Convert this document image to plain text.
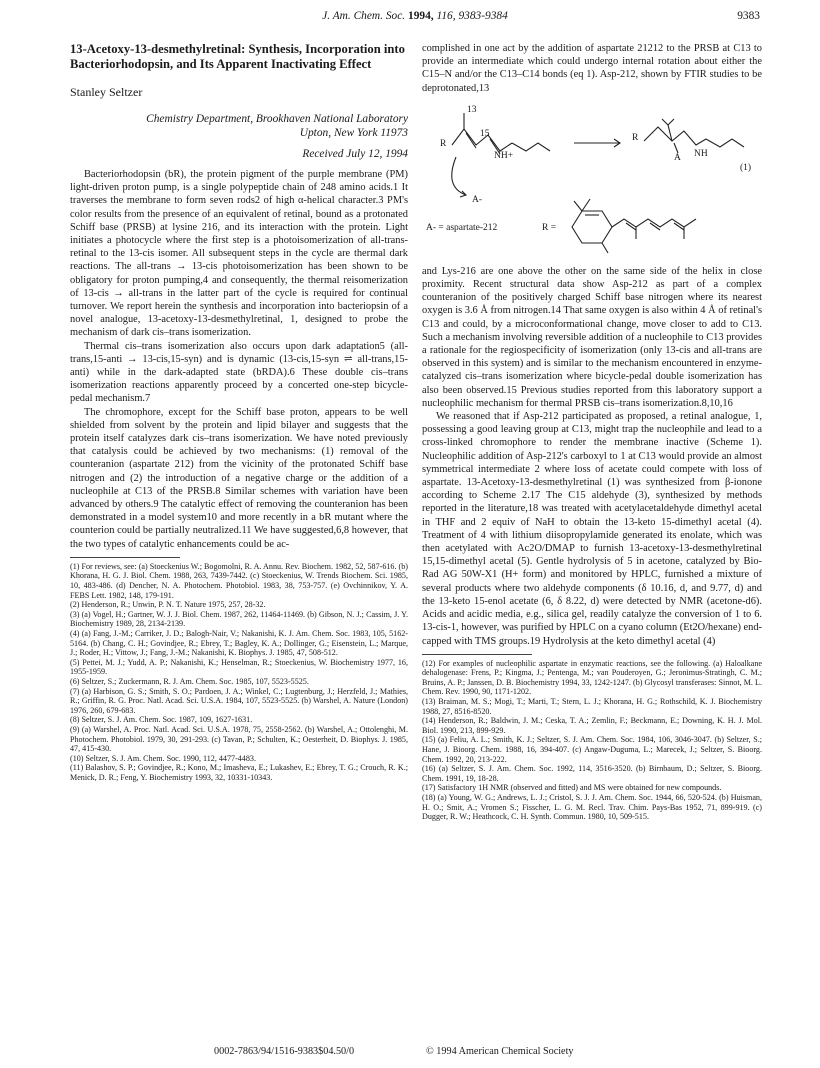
J. Am. Chem. Soc. 1994, 116, 9383-9384	9383
13-Acetoxy-13-desmethylretinal: Synthesis, Incorporation into Bacteriorhodopsin, and Its Apparent Inactivating Effect
Stanley Seltzer
Chemistry Department, Brookhaven National Laboratory
Upton, New York 11973
Received July 12, 1994

Bacteriorhodopsin (bR), the protein pigment of the purple membrane (PM) light-driven proton pump, is a single polypeptide chain of 248 amino acids.1 It traverses the membrane to form seven rods2 of high α-helical character.3 PM's color results from the presence of an equivalent of retinal, bound as a protonated Schiff base (PRSB) at lysine 216, and its interaction with the protein. Light initiates a photocycle where the first step is a photoisomerization of all-trans-retinal to the 13-cis isomer. All subsequent steps in the cycle are thermal dark reactions. The all-trans → 13-cis photoisomerization has been shown to be obligatory for proton pumping,4 and consequently, the thermal reisomerization of 13-cis → all-trans in the latter part of the cycle is required for continual turnover. We report herein the synthesis and incorporation into bacteriopsin of a novel analogue, 13-acetoxy-13-desmethylretinal, 1, designed to probe the mechanism of dark cis–trans isomerization.

Thermal cis–trans isomerization also occurs upon dark adaptation5 (all-trans,15-anti → 13-cis,15-syn) and is dynamic (13-cis,15-syn ⇌ all-trans,15-anti) while in the dark-adapted state (bRDA).6 These double cis–trans isomerization reactions apparently proceed by a concerted one-step bicycle-pedal mechanism.7

The chromophore, except for the Schiff base proton, appears to be well shielded from solvent by the protein and lipid bilayer and suggests that the protein itself catalyzes dark cis–trans isomerization. We have noted previously that catalysis could be achieved by two mechanisms: (1) removal of the counteranion (aspartate 212) from the vicinity of the protonated Schiff base nitrogen and (2) the introduction of a negative charge or the addition of a nucleophile at C13 of the PRSB.8 Similar schemes with variation have been advanced by others.9 The catalytic effect of removing the counteranion has been demonstrated in a model system10 and more recently in a bR mutant where the counterion could be partially neutralized.11 We have suggested,6,8 however, that the two types of catalytic enhancements could be ac-

(1) For reviews, see: (a) Stoeckenius W.; Bogomolni, R. A. Annu. Rev. Biochem. 1982, 52, 587-616. (b) Khorana, H. G. J. Biol. Chem. 1988, 263, 7439-7442. (c) Stoeckenius, W. Trends Biochem. Sci. 1985, 10, 483-486. (d) Dencher, N. A. Photochem. Photobiol. 1983, 38, 753-757. (e) Ovchinnikov, Y. A. FEBS Lett. 1982, 148, 179-191.

(2) Henderson, R.; Unwin, P. N. T. Nature 1975, 257, 28-32.

(3) (a) Vogel, H.; Gartner, W. J. J. Biol. Chem. 1987, 262, 11464-11469. (b) Gibson, N. J.; Cassim, J. Y. Biochemistry 1989, 28, 2134-2139.

(4) (a) Fang, J.-M.; Carriker, J. D.; Balogh-Nair, V.; Nakanishi, K. J. Am. Chem. Soc. 1983, 105, 5162-5164. (b) Chang, C. H.; Govindjee, R.; Ebrey, T.; Bagley, K. A.; Dollinger, G.; Eisenstein, L.; Marque, J.; Roder, H.; Vittow, J.; Fang, J.-M.; Nakanishi, K. Biophys. J. 1985, 47, 508-512.

(5) Pettei, M. J.; Yudd, A. P.; Nakanishi, K.; Henselman, R.; Stoeckenius, W. Biochemistry 1977, 16, 1955-1959.

(6) Seltzer, S.; Zuckermann, R. J. Am. Chem. Soc. 1985, 107, 5523-5525.

(7) (a) Harbison, G. S.; Smith, S. O.; Pardoen, J. A.; Winkel, C.; Lugtenburg, J.; Herzfeld, J.; Mathies, R.; Griffin, R. G. Proc. Natl. Acad. Sci. U.S.A. 1984, 107, 5523-5525. (b) Warshel, A. Nature (London) 1976, 260, 679-683.

(8) Seltzer, S. J. Am. Chem. Soc. 1987, 109, 1627-1631.

(9) (a) Warshel, A. Proc. Natl. Acad. Sci. U.S.A. 1978, 75, 2558-2562. (b) Warshel, A.; Ottolenghi, M. Photochem. Photobiol. 1979, 30, 291-293. (c) Tavan, P.; Schulten, K.; Oesterheit, D. Biophys. J. 1985, 47, 415-430.

(10) Seltzer, S. J. Am. Chem. Soc. 1990, 112, 4477-4483.

(11) Balashov, S. P.; Govindjee, R.; Kono, M.; Imasheva, E.; Lukashev, E.; Ebrey, T. G.; Crouch, R. K.; Menick, D. R.; Feng, Y. Biochemistry 1993, 32, 10331-10343.

complished in one act by the addition of aspartate 21212 to the PRSB at C13 to provide an intermediate which could undergo internal rotation about either the C15–N and/or the C13–C14 bonds (eq 1). Asp-212, shown by FTIR studies to be deprotonated,13

13
15
R
NH+
A-
R
A NH
(1)
A- = aspartate-212	R =

and Lys-216 are one above the other on the same side of the helix in close proximity. Recent structural data show Asp-212 as part of a complex counteranion of the positively charged Schiff base nitrogen where its nearest oxygen is 3.6 Å from nitrogen.14 That same oxygen is also within 4 Å of retinal's C13 and could, by a microconformational change, move closer to add to C13. Such a mechanism involving reversible addition of a nucleophile to C13 provides a rationale for the regiospecificity of isomerization (only 13-cis and all-trans are observed in this system) and is similar to the mechanism encountered in enzyme-catalyzed cis–trans isomerization where bicycle-pedal double isomerization has also been observed.15 Previous studies reported from this laboratory support a nucleophilic mechanism for thermal PRSB cis–trans isomerization.8,10,16

We reasoned that if Asp-212 participated as proposed, a retinal analogue, 1, possessing a good leaving group at C13, might trap the nucleophile and lead to a cross-linked chromophore to render the membrane inactive (Scheme 1). Nucleophilic addition of Asp-212's carboxyl to 1 at C13 would provide an almost symmetrical intermediate 2 where loss of acetate could compete with loss of aspartate. 13-Acetoxy-13-desmethylretinal (1) was synthesized from β-ionone according to Scheme 2.17 The C15 aldehyde (3), synthesized by methods reported in the literature,18 was treated with acetylacetaldehyde dimethyl acetal in THF and 2 equiv of NaH to obtain the 13-keto 15-dimethyl acetal (4). Treatment of 4 with lithium diisopropylamide generated its enolate, which was then acetylated with Ac2O/DMAP to furnish 13-acetoxy-13-desmethylretinal 15,15-dimethyl acetal (5). Gentle hydrolysis of 5 in acetone, catalyzed by Bio-Rad AG 50W-X1 (H+ form) and monitored by HPLC, furnished a mixture of several products where two aldehyde components (δ 10.16, d, and 9.77, d) and the 13-keto 15-enol acetate (6, δ 8.22, d) were detected by NMR (acetone-d6). Acids and acidic media, e.g., silica gel, readily catalyze the conversion of 1 to 6. 13-cis-1, however, was purified by HPLC on a cyano column (Et2O/hexane) end-capped with TMS groups.19 Hydrolysis at the keto dimethyl acetal (4)

(12) For examples of nucleophilic aspartate in enzymatic reactions, see the following. (a) Haloalkane dehalogenase: Frens, P.; Kingma, J.; Pentenga, M.; van Pouderoyen, G.; Jeronimus-Stratingh, C. M.; Bruins, A. P.; Janssen, D. B. Biochemistry 1994, 33, 1242-1247. (b) Glycosyl transferases: Sinnot, M. L. Chem. Rev. 1990, 90, 1171-1202.

(13) Braiman, M. S.; Mogi, T.; Marti, T.; Stern, L. J.; Khorana, H. G.; Rothschild, K. J. Biochemistry 1988, 27, 8516-8520.

(14) Henderson, R.; Baldwin, J. M.; Ceska, T. A.; Zemlin, F.; Beckmann, E.; Downing, K. H. J. Mol. Biol. 1990, 213, 899-929.

(15) (a) Feliu, A. L.; Smith, K. J.; Seltzer, S. J. Am. Chem. Soc. 1984, 106, 3046-3047. (b) Seltzer, S.; Hane, J. Bioorg. Chem. 1988, 16, 394-407. (c) Angaw-Duguma, L.; Marecek, J.; Seltzer, S. Bioorg. Chem. 1992, 20, 213-222.

(16) (a) Seltzer, S. J. Am. Chem. Soc. 1992, 114, 3516-3520. (b) Birnbaum, D.; Seltzer, S. Bioorg. Chem. 1991, 19, 18-28.

(17) Satisfactory 1H NMR (observed and fitted) and MS were obtained for new compounds.

(18) (a) Young, W. G.; Andrews, L. J.; Cristol, S. J. J. Am. Chem. Soc. 1944, 66, 520-524. (b) Huisman, H. O.; Smit, A.; Vromen S.; Fisscher, L. G. M. Recl. Trav. Chim. Pays-Bas 1952, 71, 899-919. (c) Dugger, R. W.; Heathcock, C. H. Synth. Commun. 1980, 10, 509-515.

0002-7863/94/1516-9383$04.50/0	© 1994 American Chemical Society
